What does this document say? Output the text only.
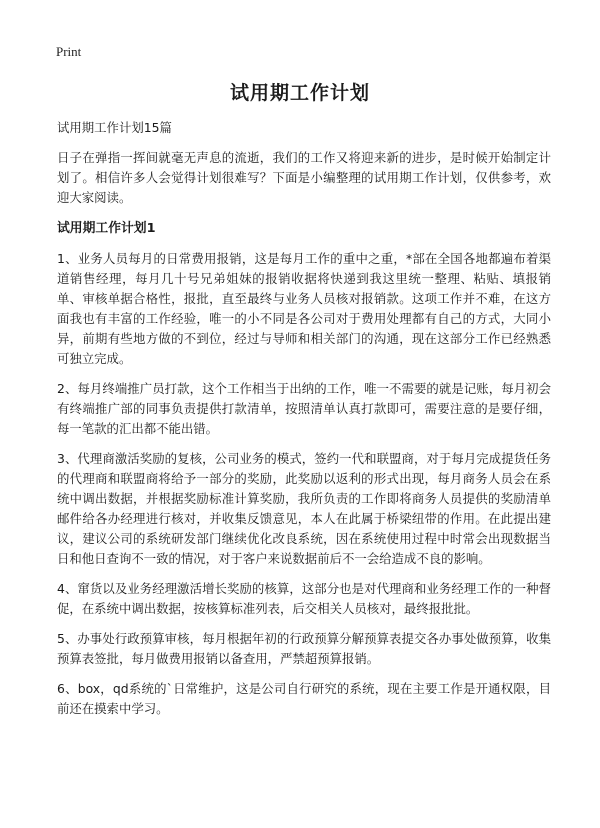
Print
试用期工作计划

试用期工作计划15篇

日子在弹指一挥间就毫无声息的流逝，我们的工作又将迎来新的进步，是时候开始制定计划了。相信许多人会觉得计划很难写？下面是小编整理的试用期工作计划，仅供参考，欢迎大家阅读。

试用期工作计划1

1、业务人员每月的日常费用报销，这是每月工作的重中之重，*部在全国各地都遍布着渠道销售经理，每月几十号兄弟姐妹的报销收据将快递到我这里统一整理、粘贴、填报销单、审核单据合格性，报批，直至最终与业务人员核对报销款。这项工作并不难，在这方面我也有丰富的工作经验，唯一的小不同是各公司对于费用处理都有自己的方式，大同小异，前期有些地方做的不到位，经过与导师和相关部门的沟通，现在这部分工作已经熟悉可独立完成。

2、每月终端推广员打款，这个工作相当于出纳的工作，唯一不需要的就是记账，每月初会有终端推广部的同事负责提供打款清单，按照清单认真打款即可，需要注意的是要仔细，每一笔款的汇出都不能出错。

3、代理商激活奖励的复核，公司业务的模式，签约一代和联盟商，对于每月完成提货任务的代理商和联盟商将给予一部分的奖励，此奖励以返利的形式出现，每月商务人员会在系统中调出数据，并根据奖励标准计算奖励，我所负责的工作即将商务人员提供的奖励清单邮件给各办经理进行核对，并收集反馈意见，本人在此属于桥梁纽带的作用。在此提出建议，建议公司的系统研发部门继续优化改良系统，因在系统使用过程中时常会出现数据当日和他日查询不一致的情况，对于客户来说数据前后不一会给造成不良的影响。

4、窜货以及业务经理激活增长奖励的核算，这部分也是对代理商和业务经理工作的一种督促，在系统中调出数据，按核算标准列表，后交相关人员核对，最终报批批。

5、办事处行政预算审核，每月根据年初的行政预算分解预算表提交各办事处做预算，收集预算表签批，每月做费用报销以备查用，严禁超预算报销。

6、box，qd系统的`日常维护，这是公司自行研究的系统，现在主要工作是开通权限，目前还在摸索中学习。
